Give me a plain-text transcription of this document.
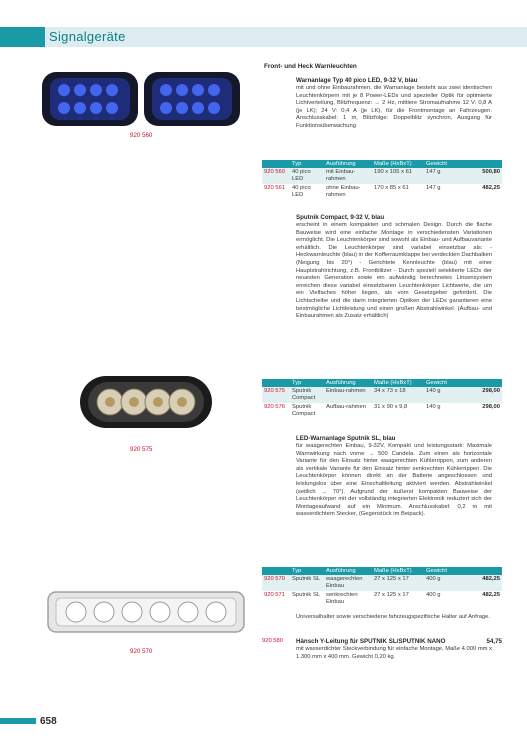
Signalgeräte
920 560
920 575
920 570
Front- und Heck Warnleuchten
Warnanlage Typ 40 pico LED, 9-32 V, blau
mit und ohne Einbaurahmen, die Warnanlage besteht aus zwei identischen Leuchtenkörpern mit je 8 Power-LEDs und spezieller Optik für optimierte Lichtverteilung, Blitzfrequenz: → 2 Hz, mittlere Stromaufnahme 12 V: 0,8 A (je LK); 24 V: 0,4 A (je LK), für die Frontmontage an Fahrzeugen. Anschlusskabel: 1 m, Blitzfolge: Doppelblitz synchron, Ausgang für Funktionsüberwachung
	Typ	Ausführung	Maße (HxBxT)	Gewicht	
920 560	40 pico LED	mit Einbau-rahmen	190 x 105 x 61	147 g	500,80
920 561	40 pico LED	ohne Einbau-rahmen	170 x 85 x 61	147 g	482,25
Sputnik Compact, 9-32 V, blau
erscheint in einem kompakten und schmalen Design. Durch die flache Bauweise wird eine einfache Montage in verschiedensten Variationen ermöglicht. Die Leuchtenkörper sind sowohl als Einbau- und Aufbauvariante erhältlich. Die Leuchtenkörper sind variabel einsetzbar als: - Heckwarnleuchte (blau) in der Kofferraumklappe bei verdeckten Dachbalken (Neigung bis 20°) - Gerichtete Kennleuchte (blau) mit einer Hauptstrahlrichtung, z.B. Frontblitzer - Durch speziell selektierte LEDs der neuesten Generation sowie ein aufwändig berechnetes Linsensystem erreichen diese variabel einsetzbaren Leuchtenkörper Lichtwerte, die um ein Vielfaches höher liegen, als vom Gesetzgeber gefordert. Die Lichtscheibe und die darin integrierten Optiken der LEDs garantieren eine bestmögliche Lichtleistung und einen großen Abstrahlwinkel. (Aufbau- und Einbaurahmen als Zusatz erhältlich)
	Typ	Ausführung	Maße (HxBxT)	Gewicht	
920 575	Sputnik Compact	Einbau-rahmen	34 x 73 x 18	140 g	298,00
920 576	Sputnik Compact	Aufbau-rahmen	31 x 90 x 9,8	140 g	298,00
LED-Warnanlage Sputnik SL, blau
für waagerechten Einbau, 9-32V, Kompakt und leistungsstark: Maximale Warnwirkung nach vorne → 500 Candela. Zum einen als horizontale Variante für den Einsatz hinter waagerechten Kühlerrippen, zum anderen als vertikale Variante für den Einsatz hinter senkrechten Kühlerrippen. Die Leuchtenkörper können direkt an der Batterie angeschlossen und leistungslos über eine Einschaltleitung aktiviert werden. Abstrahlwinkel (seitlich → 70°). Aufgrund der äußerst kompakten Bauweise der Leuchtenkörper mit der vollständig integrierten Elektronik reduziert sich der Montageaufwand auf ein Minimum. Anschlusskabel: 0,2 m mit wasserdichtem Stecker, (Gegenstück im Beipack).
	Typ	Ausführung	Maße (HxBxT)	Gewicht	
920 570	Sputnik SL	waagerechten Einbau	27 x 125 x 17	400 g	482,25
920 571	Sputnik SL	senkrechten Einbau	27 x 125 x 17	400 g	482,25
Universalhalter sowie verschiedene fahrzeugspezifische Halter auf Anfrage.
920 580 Hänsch Y-Leitung für SPUTNIK SL/SPUTNIK NANO	54,75
mit wasserdichter Steckverbindung für einfache Montage, Maße 4.000 mm x 1.300 mm x 400 mm. Gewicht 0,20 kg.
658
